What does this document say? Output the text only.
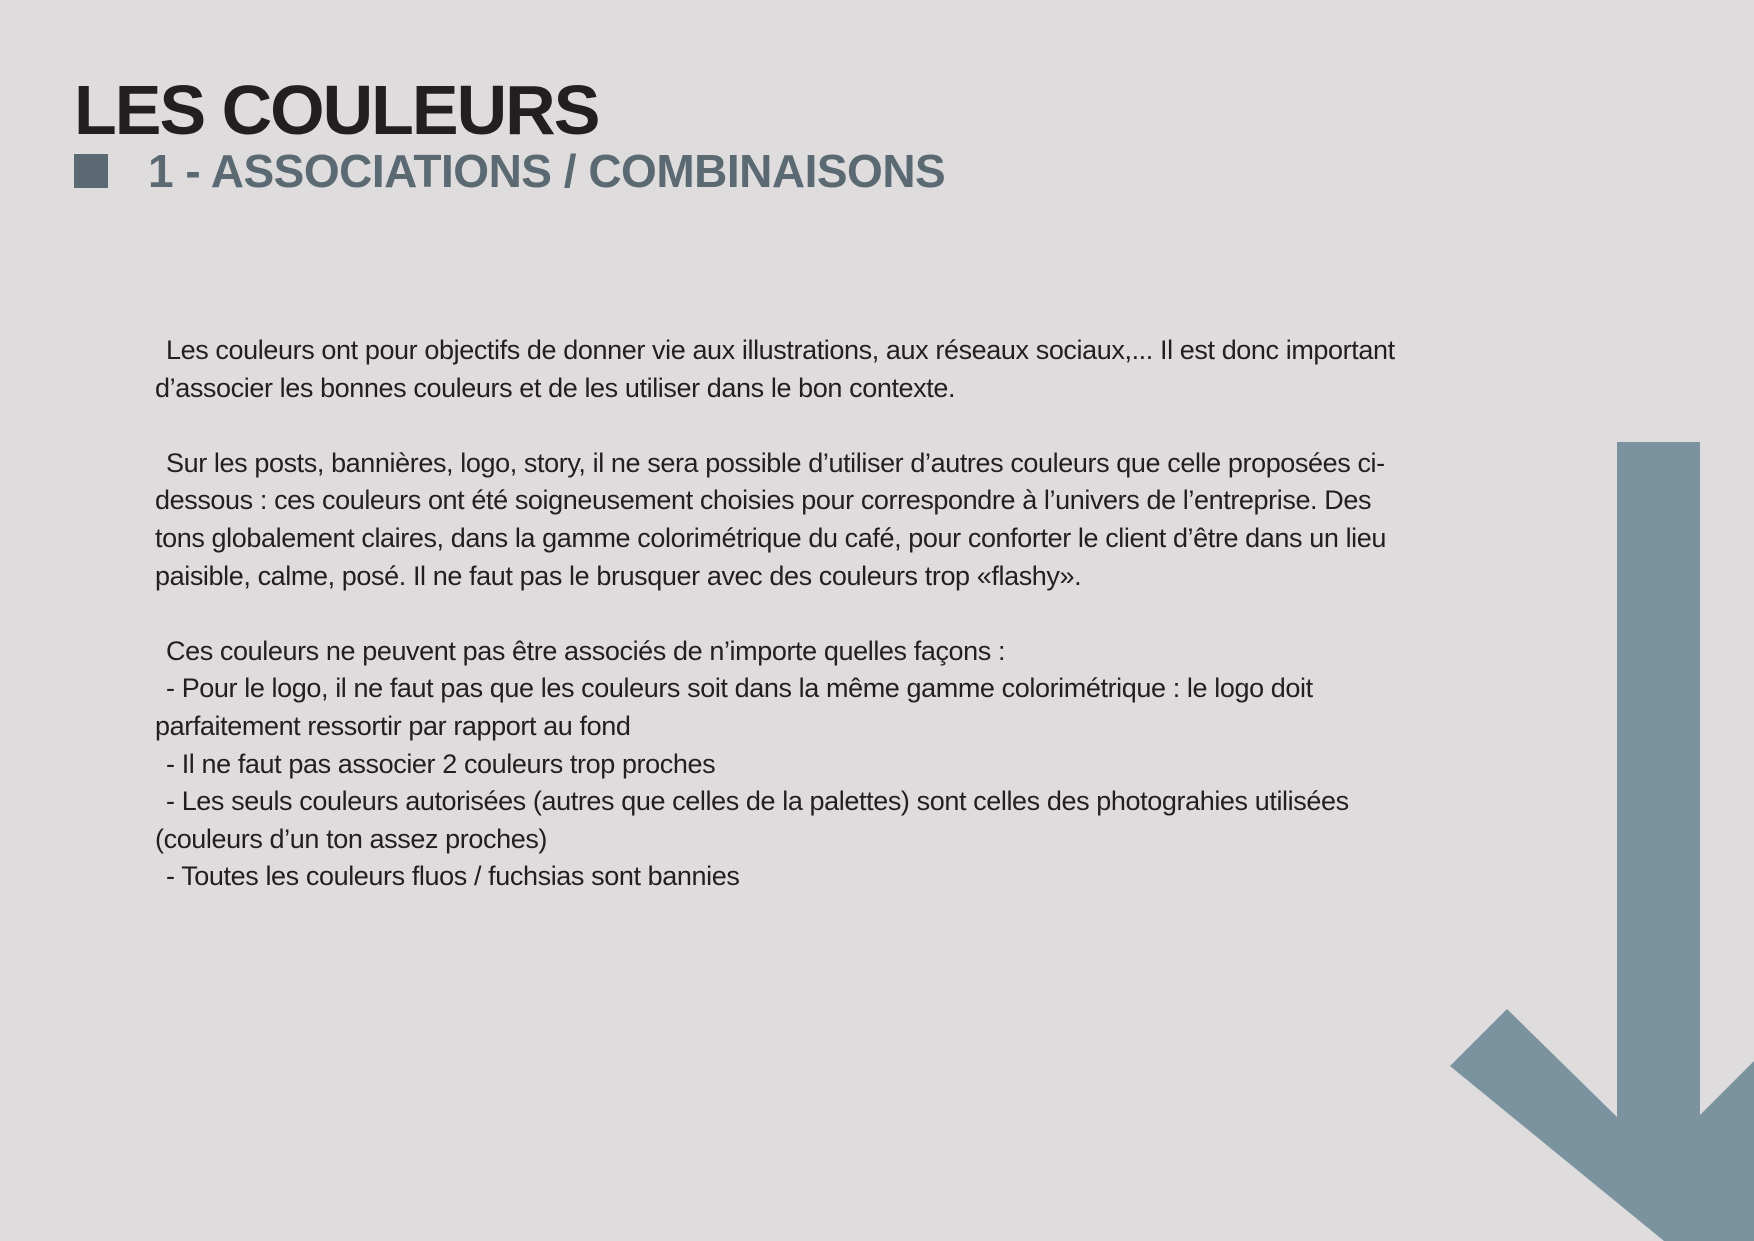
LES COULEURS
1 - ASSOCIATIONS / COMBINAISONS

Les couleurs ont pour objectifs de donner vie aux illustrations, aux réseaux sociaux,... Il est donc important

d’associer les bonnes couleurs et de les utiliser dans le bon contexte.

Sur les posts, bannières, logo, story, il ne sera possible d’utiliser d’autres couleurs que celle proposées ci-

dessous : ces couleurs ont été soigneusement choisies pour correspondre à l’univers de l’entreprise. Des

tons globalement claires, dans la gamme colorimétrique du café, pour conforter le client d’être dans un lieu

paisible, calme, posé. Il ne faut pas le brusquer avec des couleurs trop «flashy».

Ces couleurs ne peuvent pas être associés de n’importe quelles façons :

- Pour le logo, il ne faut pas que les couleurs soit dans la même gamme colorimétrique : le logo doit

parfaitement ressortir par rapport au fond

- Il ne faut pas associer 2 couleurs trop proches

- Les seuls couleurs autorisées (autres que celles de la palettes) sont celles des photograhies utilisées

(couleurs d’un ton assez proches)

- Toutes les couleurs fluos / fuchsias sont bannies
